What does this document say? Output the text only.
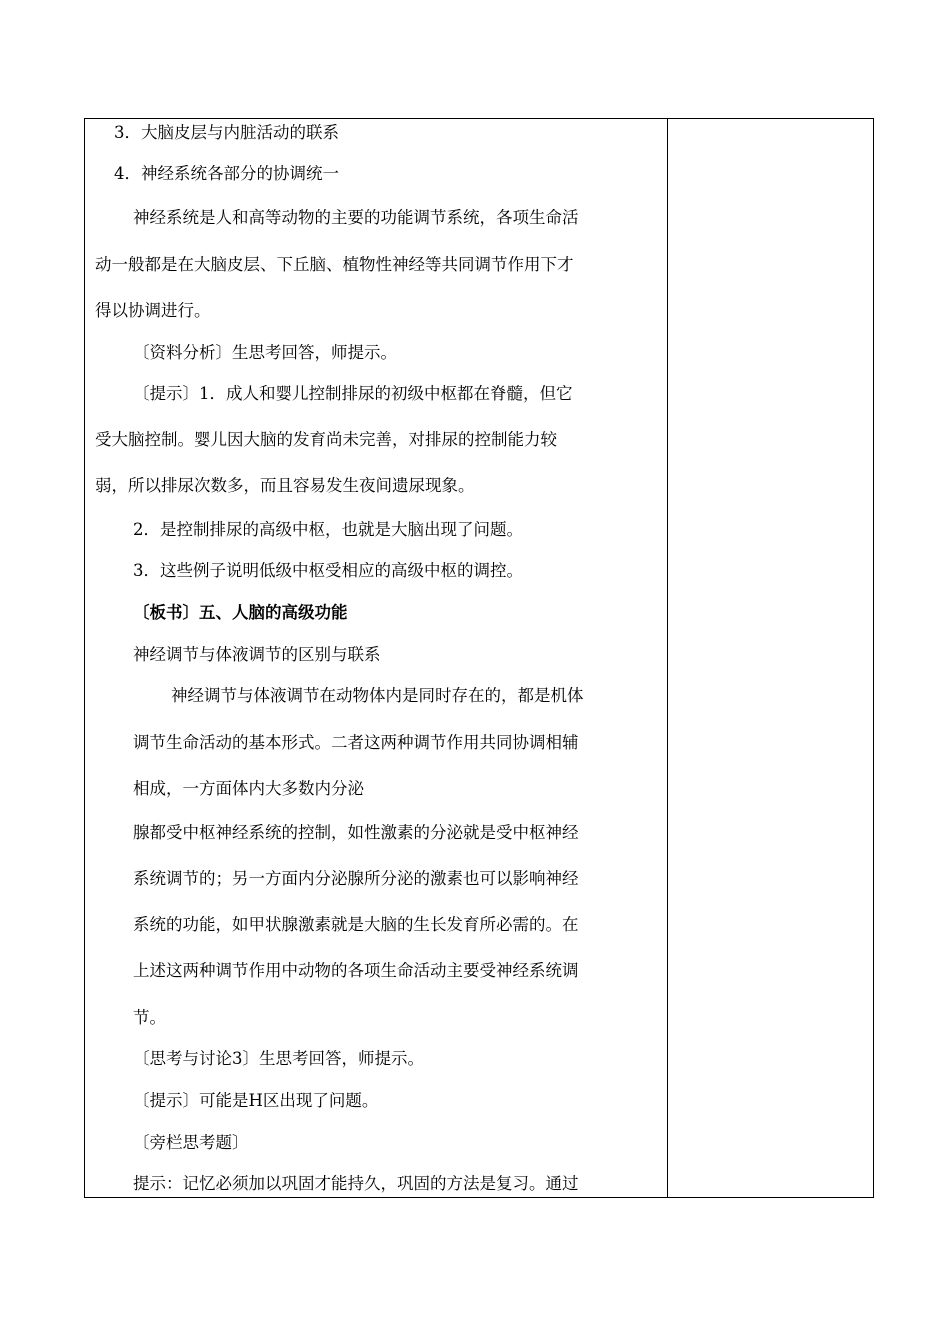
3．大脑皮层与内脏活动的联系
4．神经系统各部分的协调统一
神经系统是人和高等动物的主要的功能调节系统，各项生命活
动一般都是在大脑皮层、下丘脑、植物性神经等共同调节作用下才
得以协调进行。
〔资料分析〕生思考回答，师提示。
〔提示〕1．成人和婴儿控制排尿的初级中枢都在脊髓，但它
受大脑控制。婴儿因大脑的发育尚未完善，对排尿的控制能力较
弱，所以排尿次数多，而且容易发生夜间遗尿现象。
2．是控制排尿的高级中枢，也就是大脑出现了问题。
3．这些例子说明低级中枢受相应的高级中枢的调控。
〔板书〕五、人脑的高级功能
神经调节与体液调节的区别与联系
神经调节与体液调节在动物体内是同时存在的，都是机体
调节生命活动的基本形式。二者这两种调节作用共同协调相辅
相成，一方面体内大多数内分泌
腺都受中枢神经系统的控制，如性激素的分泌就是受中枢神经
系统调节的；另一方面内分泌腺所分泌的激素也可以影响神经
系统的功能，如甲状腺激素就是大脑的生长发育所必需的。在
上述这两种调节作用中动物的各项生命活动主要受神经系统调
节。
〔思考与讨论3〕生思考回答，师提示。
〔提示〕可能是H区出现了问题。
〔旁栏思考题〕
提示：记忆必须加以巩固才能持久，巩固的方法是复习。通过
